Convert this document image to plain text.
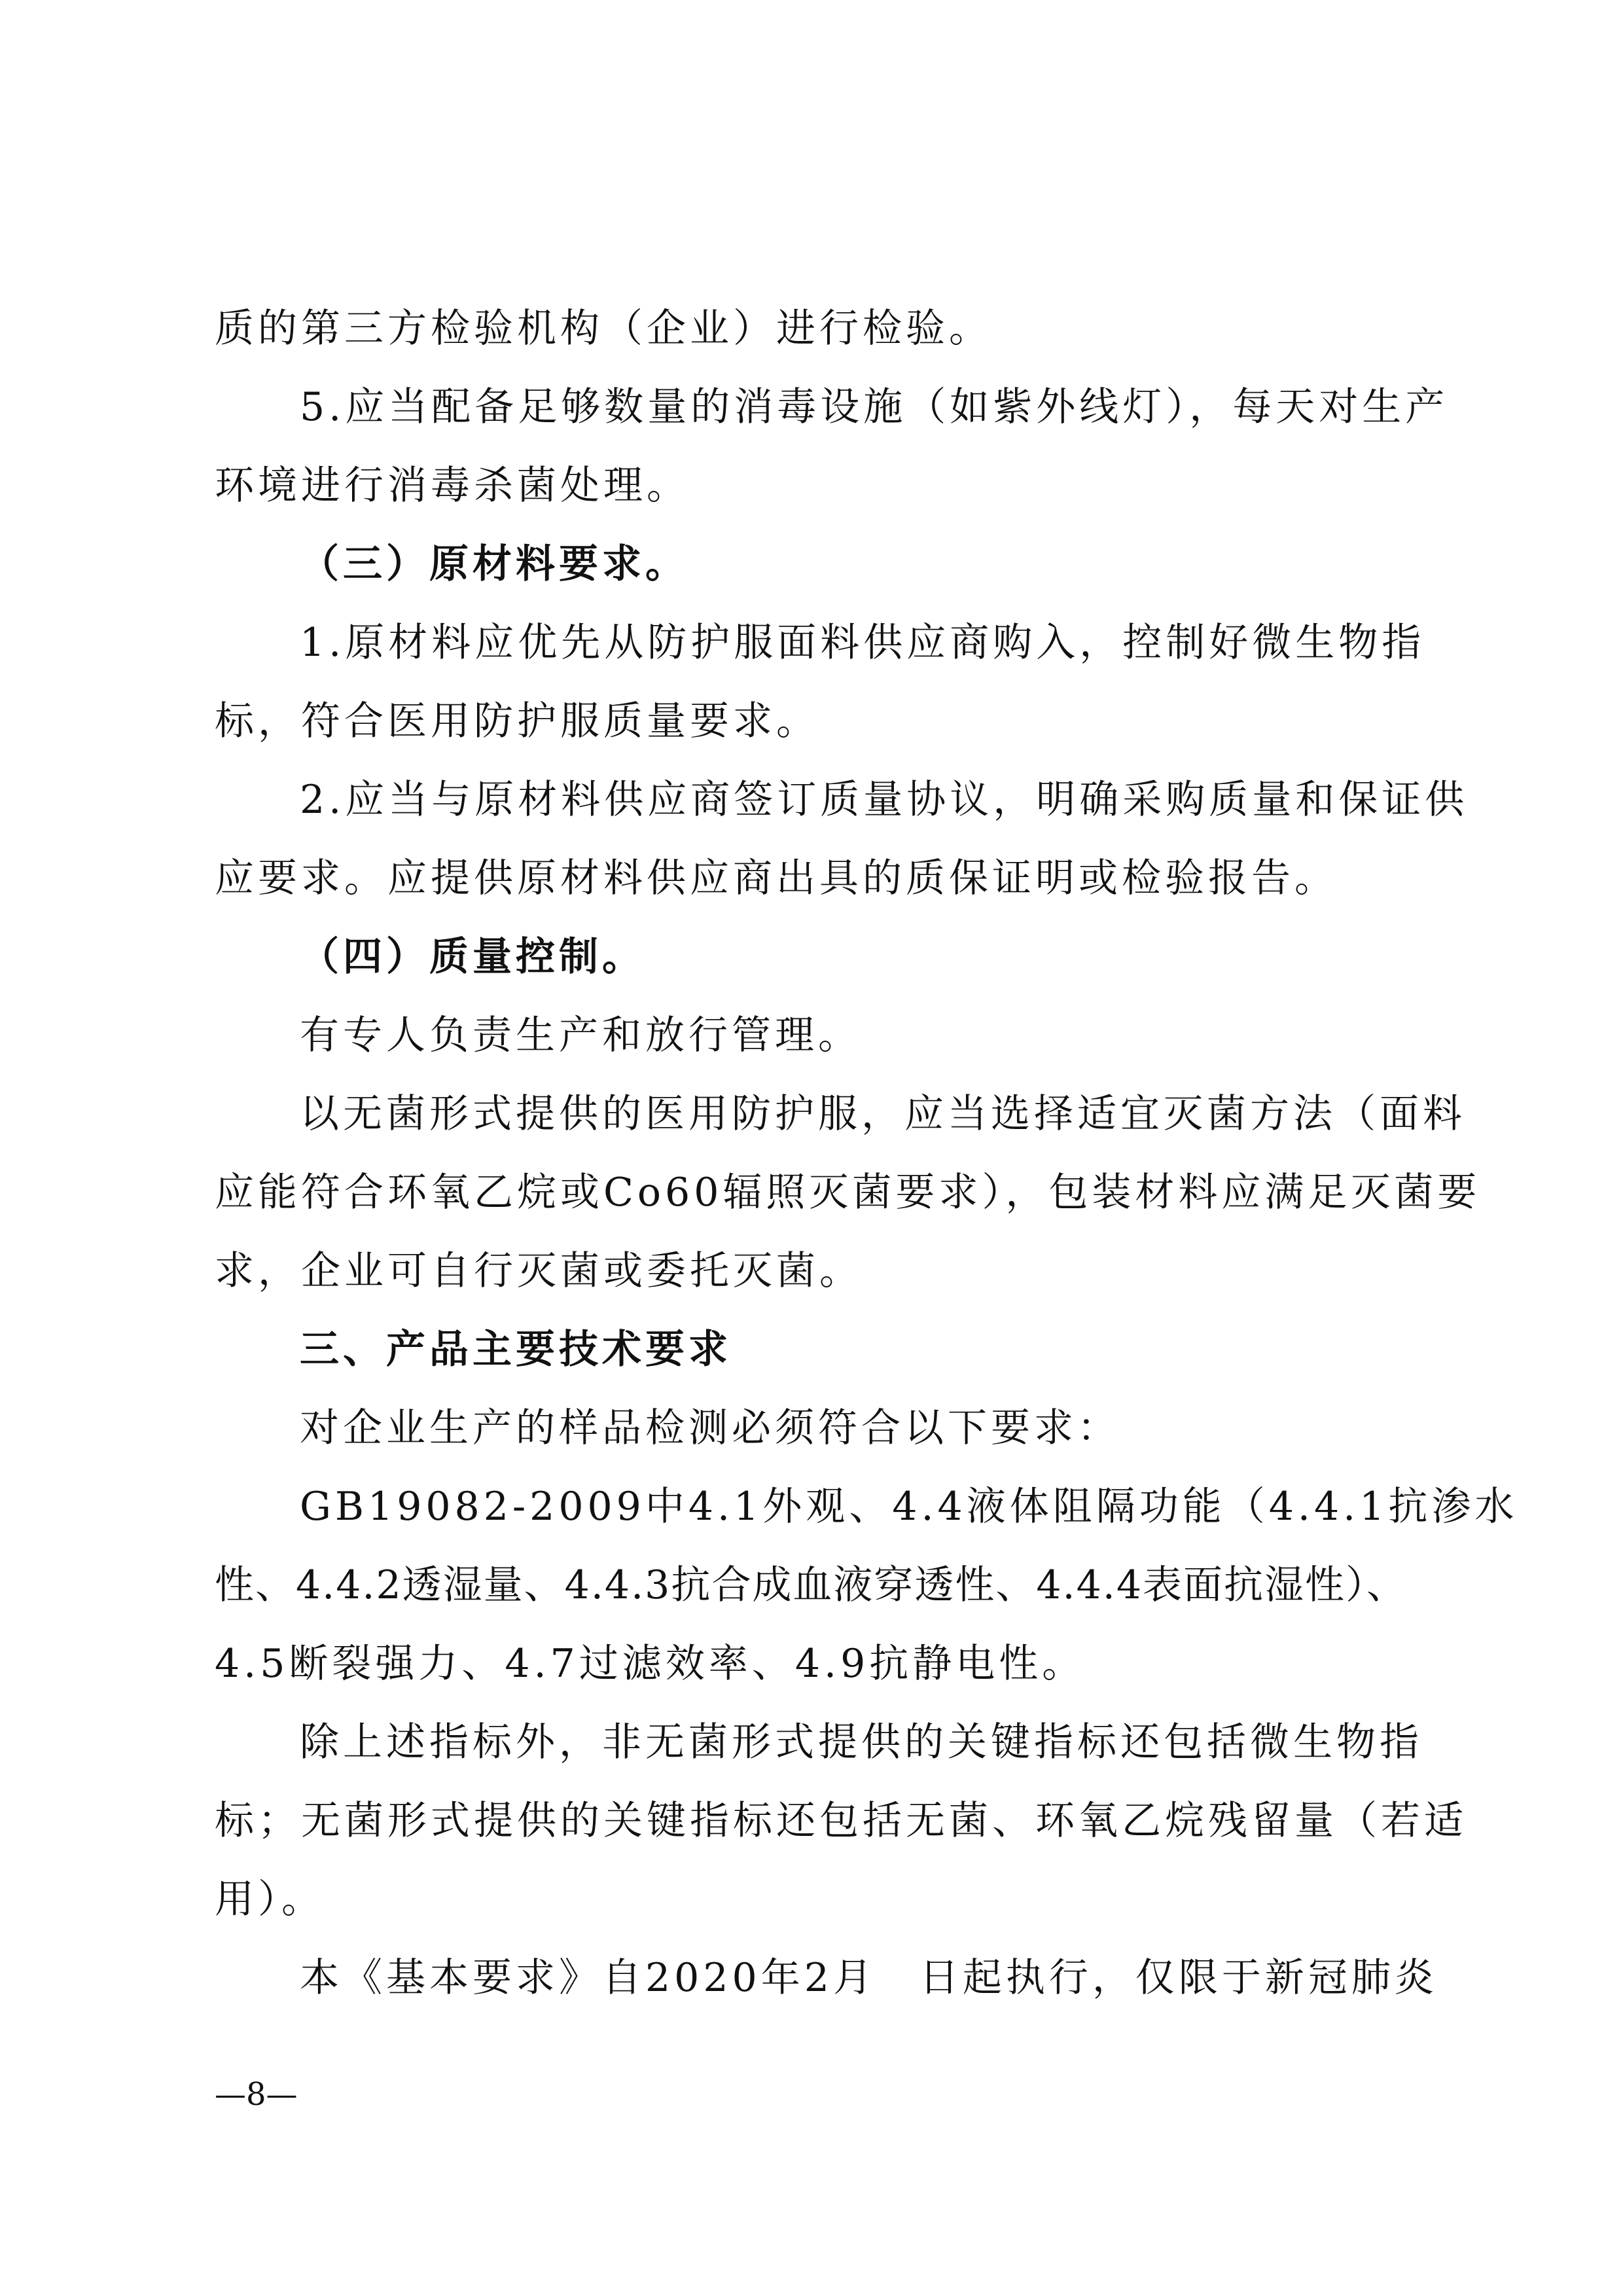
质的第三方检验机构（企业）进行检验。
5.应当配备足够数量的消毒设施（如紫外线灯），每天对生产
环境进行消毒杀菌处理。
（三）原材料要求。
1.原材料应优先从防护服面料供应商购入，控制好微生物指
标，符合医用防护服质量要求。
2.应当与原材料供应商签订质量协议，明确采购质量和保证供
应要求。应提供原材料供应商出具的质保证明或检验报告。
（四）质量控制。
有专人负责生产和放行管理。
以无菌形式提供的医用防护服，应当选择适宜灭菌方法（面料
应能符合环氧乙烷或Co60辐照灭菌要求），包装材料应满足灭菌要
求，企业可自行灭菌或委托灭菌。
三、产品主要技术要求
对企业生产的样品检测必须符合以下要求：
GB19082-2009中4.1外观、4.4液体阻隔功能（4.4.1抗渗水
性、4.4.2透湿量、4.4.3抗合成血液穿透性、4.4.4表面抗湿性）、
4.5断裂强力、4.7过滤效率、4.9抗静电性。
除上述指标外，非无菌形式提供的关键指标还包括微生物指
标；无菌形式提供的关键指标还包括无菌、环氧乙烷残留量（若适
用）。
本《基本要求》自2020年2月　日起执行，仅限于新冠肺炎
—8—
